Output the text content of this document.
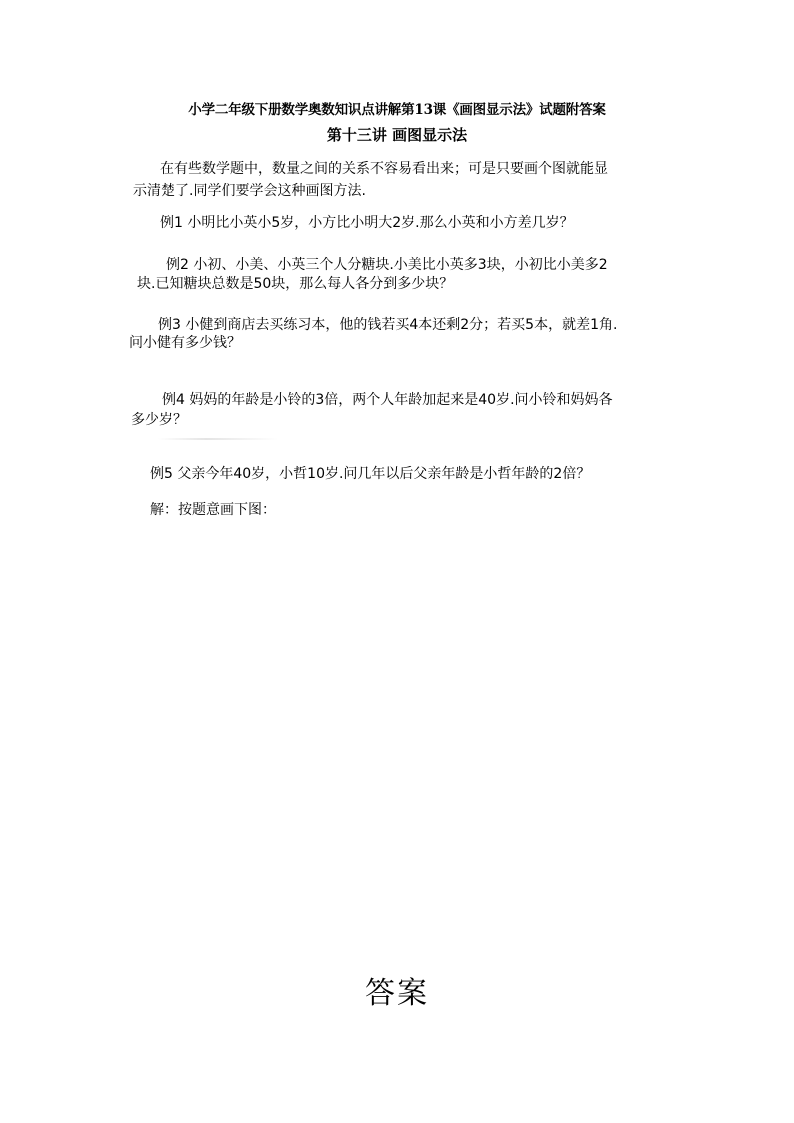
小学二年级下册数学奥数知识点讲解第13课《画图显示法》试题附答案
第十三讲 画图显示法
在有些数学题中，数量之间的关系不容易看出来；可是只要画个图就能显
示清楚了.同学们要学会这种画图方法.
例1 小明比小英小5岁，小方比小明大2岁.那么小英和小方差几岁？
例2 小初、小美、小英三个人分糖块.小美比小英多3块，小初比小美多2
块.已知糖块总数是50块，那么每人各分到多少块？
例3 小健到商店去买练习本，他的钱若买4本还剩2分；若买5本，就差1角.
问小健有多少钱？
例4 妈妈的年龄是小铃的3倍，两个人年龄加起来是40岁.问小铃和妈妈各
多少岁？
例5 父亲今年40岁，小哲10岁.问几年以后父亲年龄是小哲年龄的2倍？
解：按题意画下图：
答案
